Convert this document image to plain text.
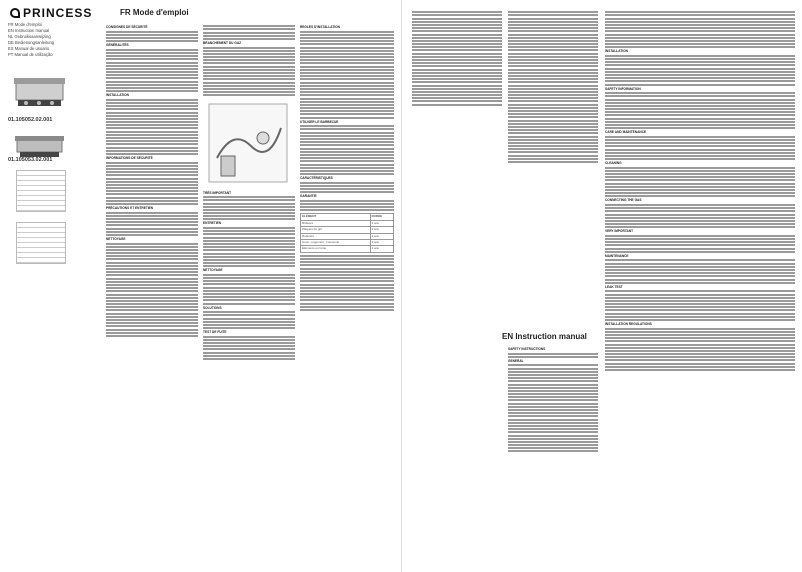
PRINCESS	FR Mode d'emploi
FR Mode d'emploi
EN Instruction manual
NL Gebruiksaanwijzing
DE Bedienungsanleitung
ES Manual de usuario
PT Manual de utilização
01.105052.02.001
01.105053.02.001
CONSIGNES DE SÉCURITÉ
GÉNÉRALITÉS
INSTALLATION
INFORMATIONS DE SÉCURITÉ
PRÉCAUTIONS ET ENTRETIEN
NETTOYAGE
BRANCHEMENT DU GAZ
TRÈS IMPORTANT
ENTRETIEN
NETTOYAGE
SOLUTIONS
TEST DE FUITE
REGLES D'INSTALLATION
UTILISER LE BARBECUE
CARACTÉRISTIQUES
GARANTIE
ÉLÉMENT	DURÉE
Brûleurs	2 ans
Plaques de gril	2 ans
Robinets	2 ans
Cuve, Logement, Couvercle	2 ans
Éléments en fonte	2 ans
EN Instruction manual
SAFETY INSTRUCTIONS
GENERAL
INSTALLATION
SAFETY INFORMATION
CARE AND MAINTENANCE
CLEANING
CONNECTING THE GAS
VERY IMPORTANT
MAINTENANCE
LEAK TEST
INSTALLATION REGULATIONS
